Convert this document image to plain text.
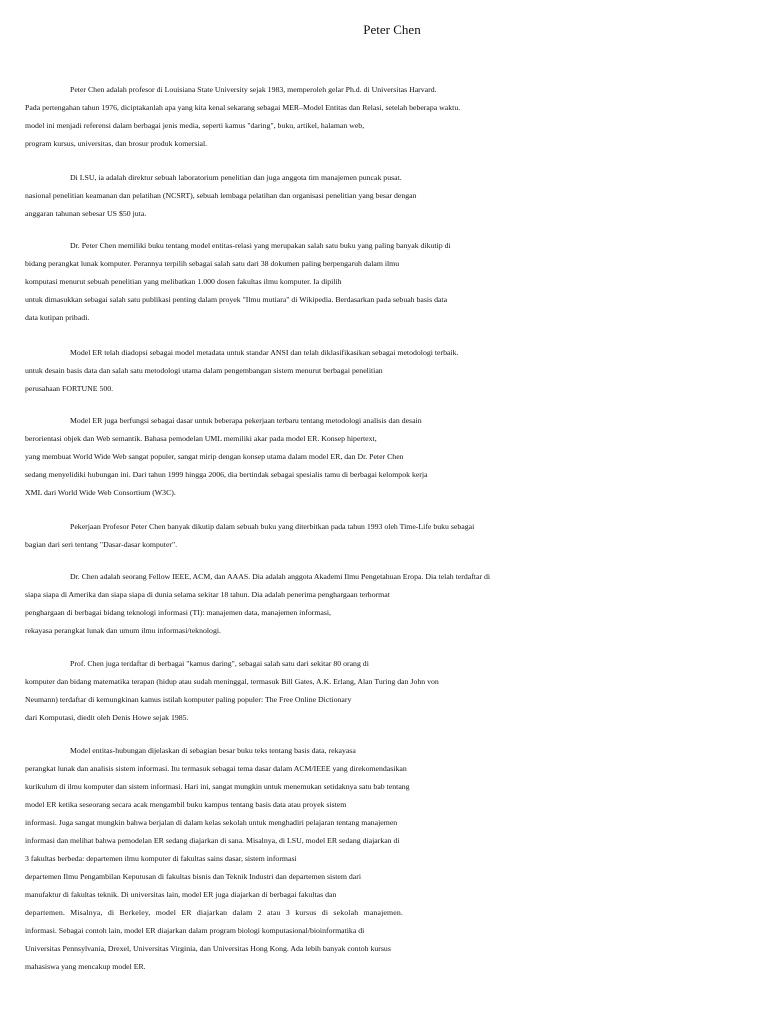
Peter Chen
Peter Chen adalah profesor di Louisiana State University sejak 1983, memperoleh gelar Ph.d. di Universitas Harvard.
Pada pertengahan tahun 1976, diciptakanlah apa yang kita kenal sekarang sebagai MER–Model Entitas dan Relasi, setelah beberapa waktu.
model ini menjadi referensi dalam berbagai jenis media, seperti kamus "daring", buku, artikel, halaman web,
program kursus, universitas, dan brosur produk komersial.
Di LSU, ia adalah direktur sebuah laboratorium penelitian dan juga anggota tim manajemen puncak pusat.
nasional penelitian keamanan dan pelatihan (NCSRT), sebuah lembaga pelatihan dan organisasi penelitian yang besar dengan
anggaran tahunan sebesar US $50 juta.
Dr. Peter Chen memiliki buku tentang model entitas-relasi yang merupakan salah satu buku yang paling banyak dikutip di
bidang perangkat lunak komputer. Perannya terpilih sebagai salah satu dari 38 dokumen paling berpengaruh dalam ilmu
komputasi menurut sebuah penelitian yang melibatkan 1.000 dosen fakultas ilmu komputer. Ia dipilih
untuk dimasukkan sebagai salah satu publikasi penting dalam proyek "Ilmu mutiara" di Wikipedia. Berdasarkan pada sebuah basis data
data kutipan pribadi.
Model ER telah diadopsi sebagai model metadata untuk standar ANSI dan telah diklasifikasikan sebagai metodologi terbaik.
untuk desain basis data dan salah satu metodologi utama dalam pengembangan sistem menurut berbagai penelitian
perusahaan FORTUNE 500.
Model ER juga berfungsi sebagai dasar untuk beberapa pekerjaan terbaru tentang metodologi analisis dan desain
berorientasi objek dan Web semantik. Bahasa pemodelan UML memiliki akar pada model ER. Konsep hipertext,
yang membuat World Wide Web sangat populer, sangat mirip dengan konsep utama dalam model ER, dan Dr. Peter Chen
sedang menyelidiki hubungan ini. Dari tahun 1999 hingga 2006, dia bertindak sebagai spesialis tamu di berbagai kelompok kerja
XML dari World Wide Web Consortium (W3C).
Pekerjaan Profesor Peter Chen banyak dikutip dalam sebuah buku yang diterbitkan pada tahun 1993 oleh Time-Life buku sebagai
bagian dari seri tentang "Dasar-dasar komputer".
Dr. Chen adalah seorang Fellow IEEE, ACM, dan AAAS. Dia adalah anggota Akademi Ilmu Pengetahuan Eropa. Dia telah terdaftar di
siapa siapa di Amerika dan siapa siapa di dunia selama sekitar 18 tahun. Dia adalah penerima penghargaan terhormat
penghargaan di berbagai bidang teknologi informasi (TI): manajemen data, manajemen informasi,
rekayasa perangkat lunak dan umum ilmu informasi/teknologi.
Prof. Chen juga terdaftar di berbagai "kamus daring", sebagai salah satu dari sekitar 80 orang di
komputer dan bidang matematika terapan (hidup atau sudah meninggal, termasuk Bill Gates, A.K. Erlang, Alan Turing dan John von
Neumann) terdaftar di kemungkinan kamus istilah komputer paling populer: The Free Online Dictionary
dari Komputasi, diedit oleh Denis Howe sejak 1985.
Model entitas-hubungan dijelaskan di sebagian besar buku teks tentang basis data, rekayasa
perangkat lunak dan analisis sistem informasi. Itu termasuk sebagai tema dasar dalam ACM/IEEE yang direkomendasikan
kurikulum di ilmu komputer dan sistem informasi. Hari ini, sangat mungkin untuk menemukan setidaknya satu bab tentang
model ER ketika seseorang secara acak mengambil buku kampus tentang basis data atau proyek sistem
informasi. Juga sangat mungkin bahwa berjalan di dalam kelas sekolah untuk menghadiri pelajaran tentang manajemen
informasi dan melihat bahwa pemodelan ER sedang diajarkan di sana. Misalnya, di LSU, model ER sedang diajarkan di
3 fakultas berbeda: departemen ilmu komputer di fakultas sains dasar, sistem informasi
departemen Ilmu Pengambilan Keputusan di fakultas bisnis dan Teknik Industri dan departemen sistem dari
manufaktur di fakultas teknik. Di universitas lain, model ER juga diajarkan di berbagai fakultas dan
departemen. Misalnya, di Berkeley, model ER diajarkan dalam 2 atau 3 kursus di sekolah manajemen.
informasi. Sebagai contoh lain, model ER diajarkan dalam program biologi komputasional/bioinformatika di
Universitas Pennsylvania, Drexel, Universitas Virginia, dan Universitas Hong Kong. Ada lebih banyak contoh kursus
mahasiswa yang mencakup model ER.
